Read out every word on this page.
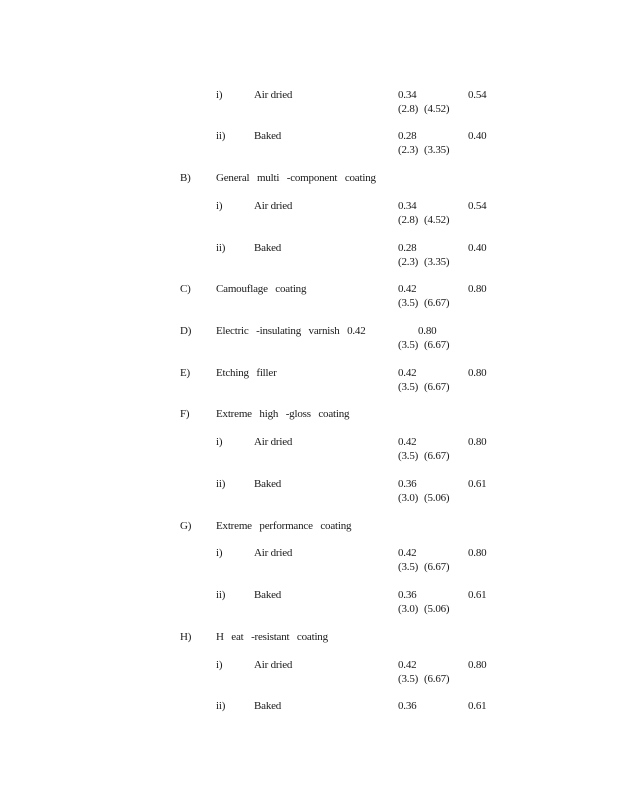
i)	Air dried	0.34	0.54
(2.8) (4.52)
ii)	Baked	0.28	0.40
(2.3) (3.35)
B) General multi -component coating
i)	Air dried	0.34	0.54
(2.8) (4.52)
ii)	Baked	0.28	0.40
(2.3) (3.35)
C) Camouflage coating	0.42	0.80
(3.5) (6.67)
D) Electric -insulating varnish 0.42	0.80
(3.5) (6.67)
E) Etching filler	0.42	0.80
(3.5) (6.67)
F) Extreme high -gloss coating
i)	Air dried	0.42	0.80
(3.5) (6.67)
ii)	Baked	0.36	0.61
(3.0) (5.06)
G) Extreme performance coating
i)	Air dried	0.42	0.80
(3.5) (6.67)
ii)	Baked	0.36	0.61
(3.0) (5.06)
H) H eat -resistant coating
i)	Air dried	0.42	0.80
(3.5) (6.67)
ii)	Baked	0.36	0.61
